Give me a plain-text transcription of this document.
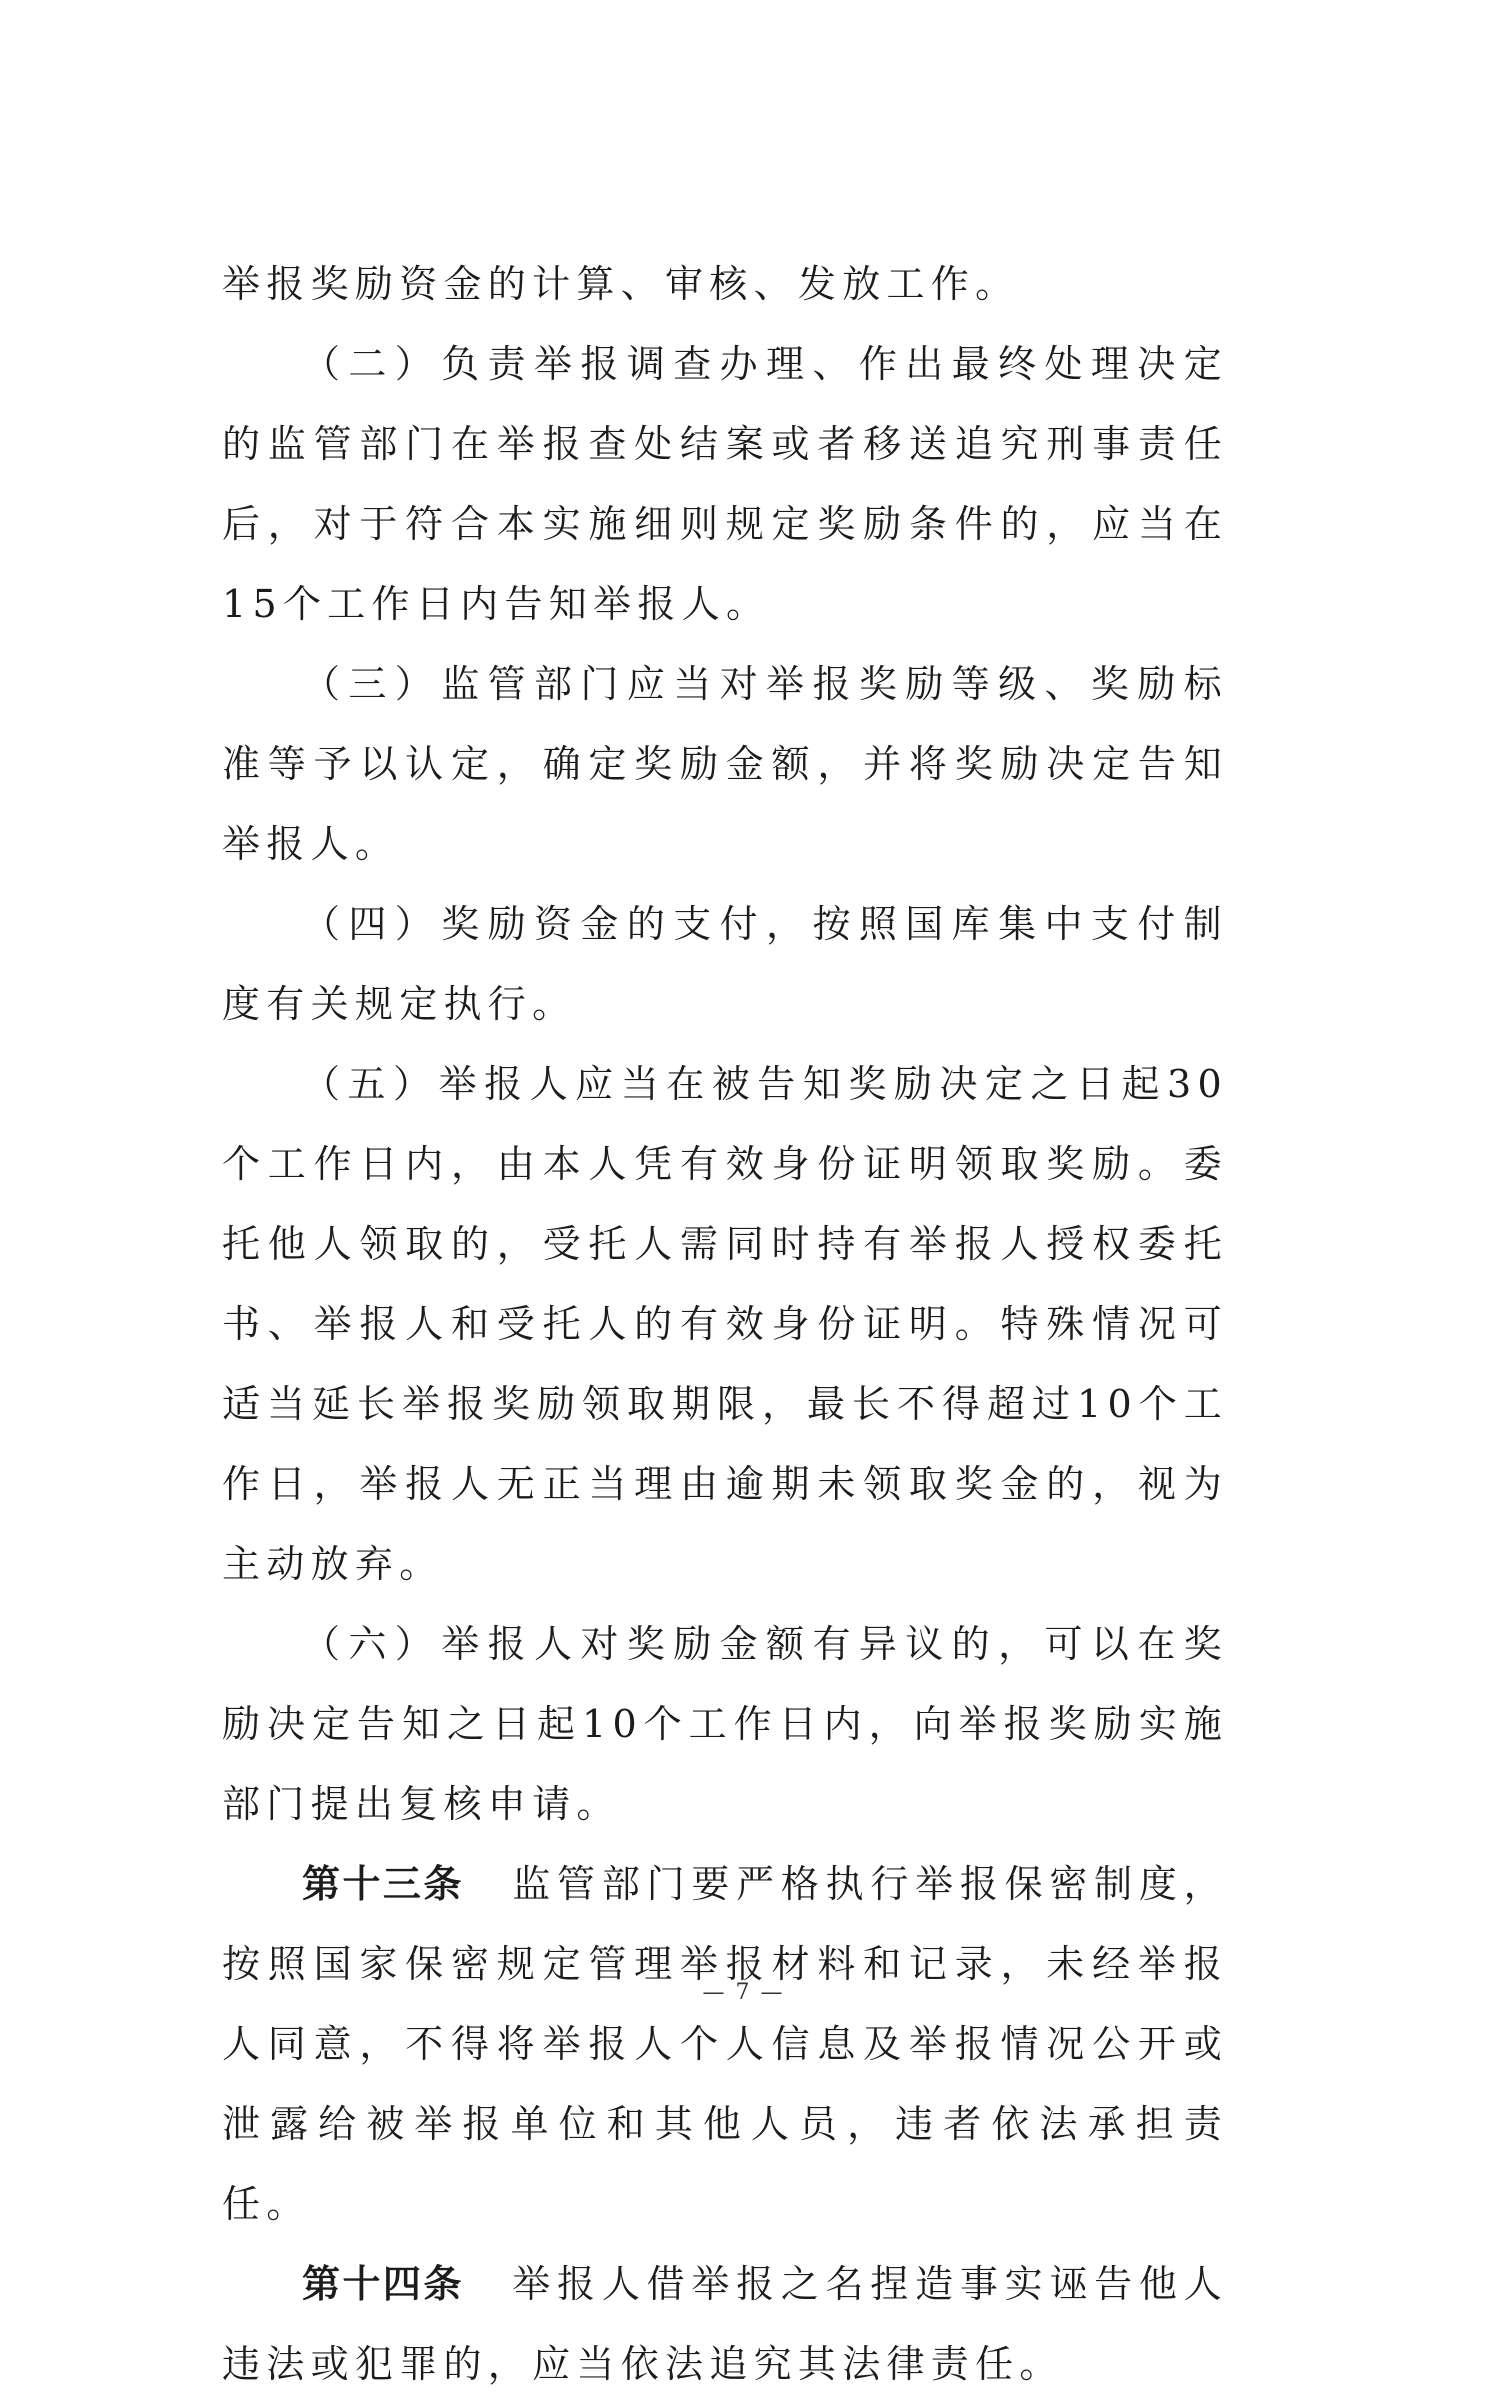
举报奖励资金的计算、审核、发放工作。

（二）负责举报调查办理、作出最终处理决定的监管部门在举报查处结案或者移送追究刑事责任后，对于符合本实施细则规定奖励条件的，应当在15个工作日内告知举报人。

（三）监管部门应当对举报奖励等级、奖励标准等予以认定，确定奖励金额，并将奖励决定告知举报人。

（四）奖励资金的支付，按照国库集中支付制度有关规定执行。

（五）举报人应当在被告知奖励决定之日起30个工作日内，由本人凭有效身份证明领取奖励。委托他人领取的，受托人需同时持有举报人授权委托书、举报人和受托人的有效身份证明。特殊情况可适当延长举报奖励领取期限，最长不得超过10个工作日，举报人无正当理由逾期未领取奖金的，视为主动放弃。

（六）举报人对奖励金额有异议的，可以在奖励决定告知之日起10个工作日内，向举报奖励实施部门提出复核申请。

第十三条 监管部门要严格执行举报保密制度，按照国家保密规定管理举报材料和记录，未经举报人同意，不得将举报人个人信息及举报情况公开或泄露给被举报单位和其他人员，违者依法承担责任。

第十四条 举报人借举报之名捏造事实诬告他人违法或犯罪的，应当依法追究其法律责任。

— 7 —
